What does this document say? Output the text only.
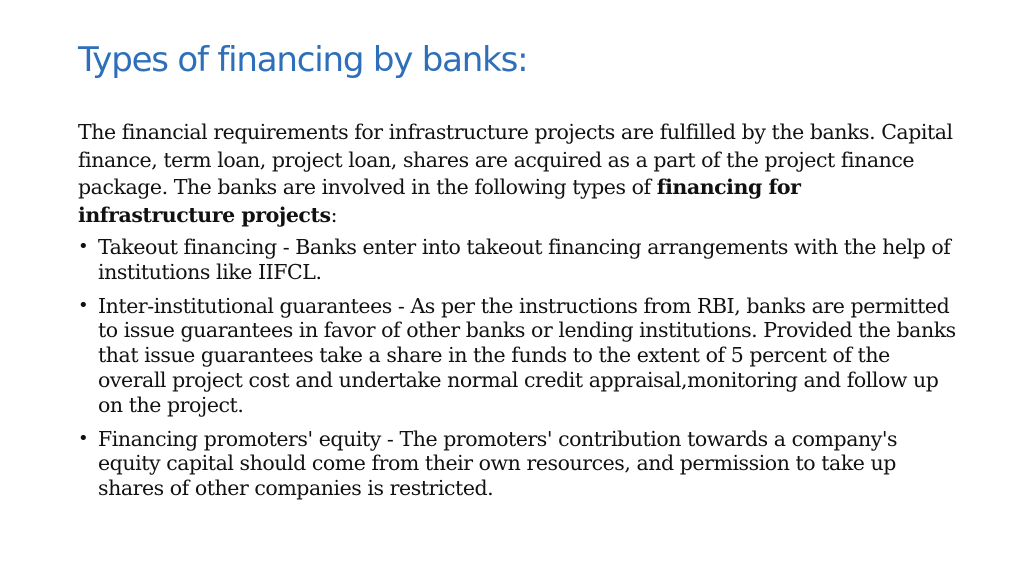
Types of financing by banks:

The financial requirements for infrastructure projects are fulfilled by the banks. Capital finance, term loan, project loan, shares are acquired as a part of the project finance package. The banks are involved in the following types of financing for infrastructure projects:

• Takeout financing - Banks enter into takeout financing arrangements with the help of institutions like IIFCL.
• Inter-institutional guarantees - As per the instructions from RBI, banks are permitted to issue guarantees in favor of other banks or lending institutions. Provided the banks that issue guarantees take a share in the funds to the extent of 5 percent of the overall project cost and undertake normal credit appraisal,monitoring and follow up on the project.
• Financing promoters' equity - The promoters' contribution towards a company's equity capital should come from their own resources, and permission to take up shares of other companies is restricted.
